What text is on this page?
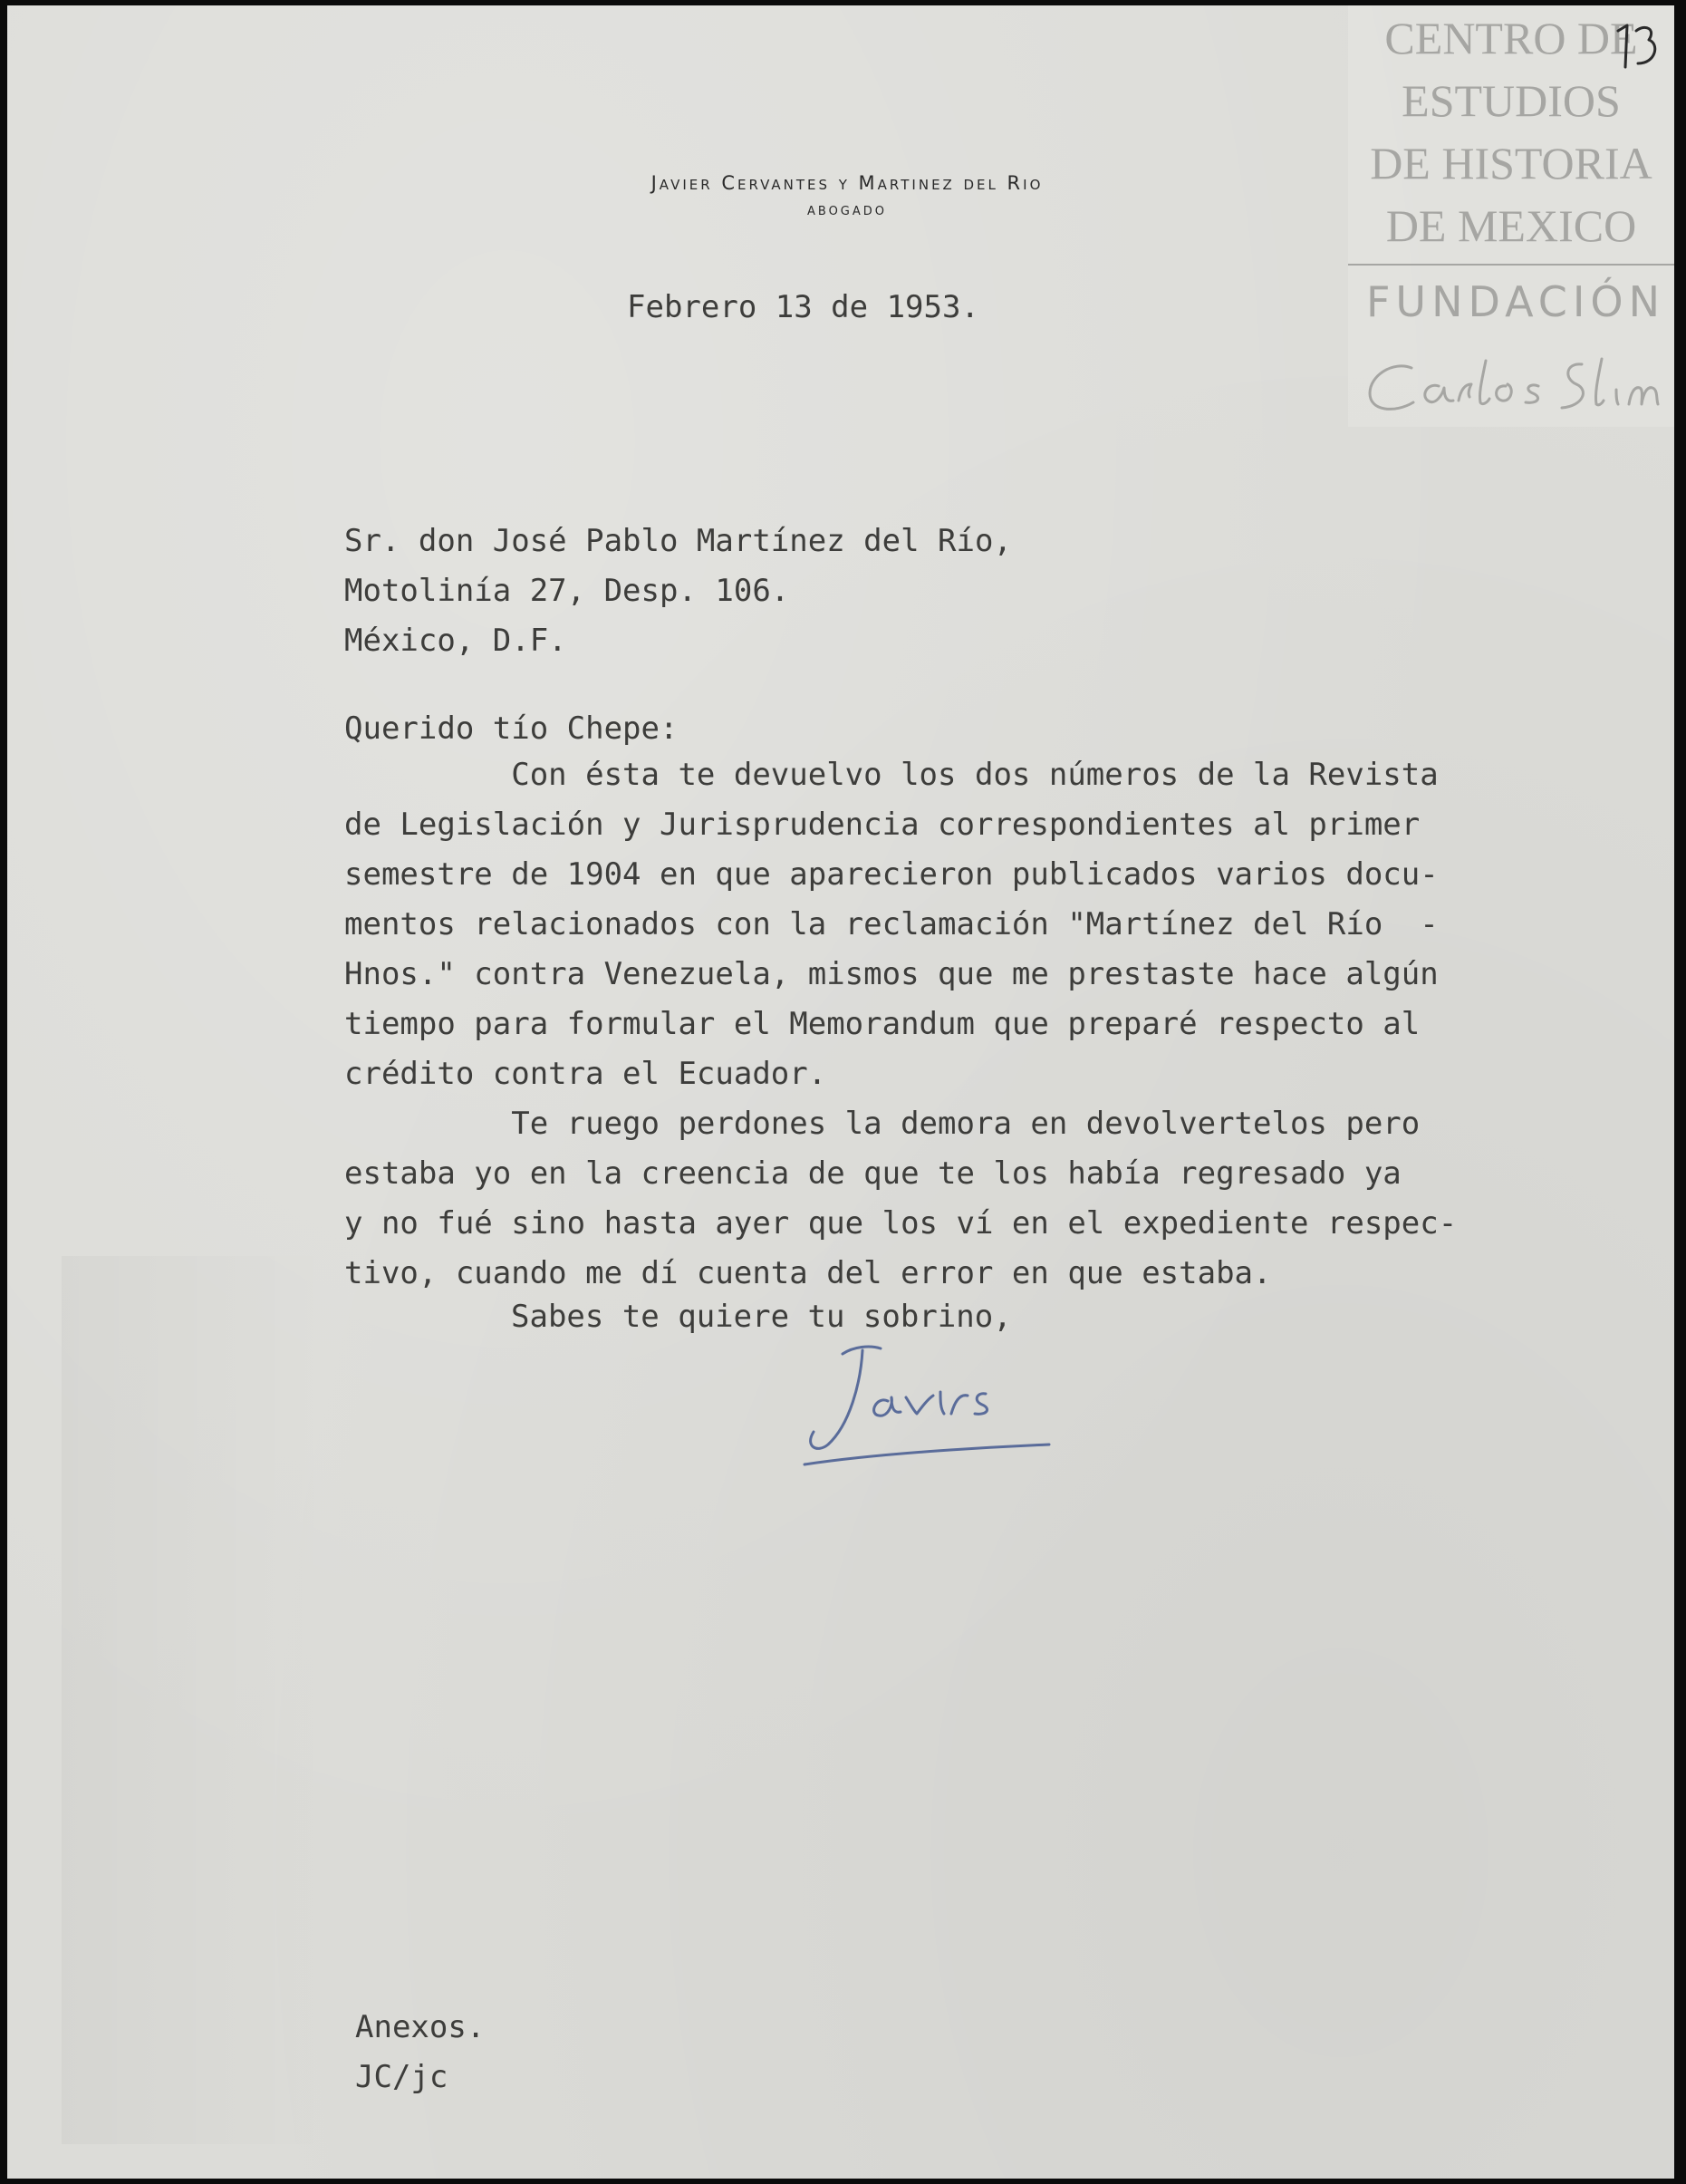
Javier Cervantes y Martinez del Rio
ABOGADO
CENTRO DE
ESTUDIOS
DE HISTORIA
DE MEXICO
FUNDACIÓN
Febrero 13 de 1953.
Sr. don José Pablo Martínez del Río,
Motolinía 27, Desp. 106.
México, D.F.
Querido tío Chepe:
Con ésta te devuelvo los dos números de la Revista
de Legislación y Jurisprudencia correspondientes al primer
semestre de 1904 en que aparecieron publicados varios docu-
mentos relacionados con la reclamación "Martínez del Río  -
Hnos." contra Venezuela, mismos que me prestaste hace algún
tiempo para formular el Memorandum que preparé respecto al
crédito contra el Ecuador.
Te ruego perdones la demora en devolvertelos pero
estaba yo en la creencia de que te los había regresado ya
y no fué sino hasta ayer que los ví en el expediente respec-
tivo, cuando me dí cuenta del error en que estaba.
Sabes te quiere tu sobrino,
Anexos.
JC/jc
